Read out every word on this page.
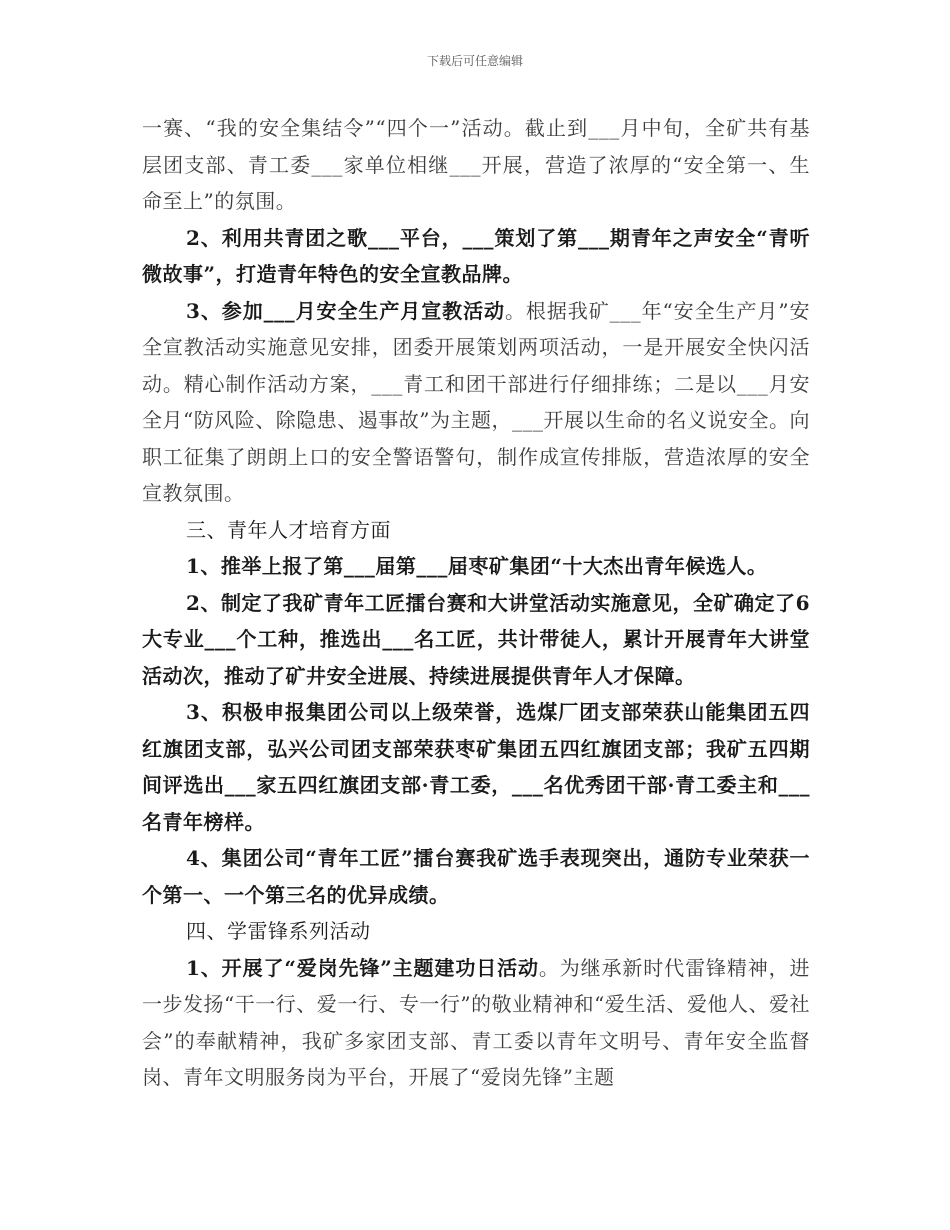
下载后可任意编辑

一赛、“我的安全集结令”“四个一”活动。截止到___月中旬，全矿共有基层团支部、青工委___家单位相继___开展，营造了浓厚的“安全第一、生命至上”的氛围。

2、利用共青团之歌___平台，___策划了第___期青年之声安全“青听微故事”，打造青年特色的安全宣教品牌。

3、参加___月安全生产月宣教活动。根据我矿___年“安全生产月”安全宣教活动实施意见安排，团委开展策划两项活动，一是开展安全快闪活动。精心制作活动方案，___青工和团干部进行仔细排练；二是以___月安全月“防风险、除隐患、遏事故”为主题，___开展以生命的名义说安全。向职工征集了朗朗上口的安全警语警句，制作成宣传排版，营造浓厚的安全宣教氛围。

三、青年人才培育方面

1、推举上报了第___届第___届枣矿集团“十大杰出青年候选人。

2、制定了我矿青年工匠擂台赛和大讲堂活动实施意见，全矿确定了6大专业___个工种，推选出___名工匠，共计带徒人，累计开展青年大讲堂活动次，推动了矿井安全进展、持续进展提供青年人才保障。

3、积极申报集团公司以上级荣誉，选煤厂团支部荣获山能集团五四红旗团支部，弘兴公司团支部荣获枣矿集团五四红旗团支部；我矿五四期间评选出___家五四红旗团支部·青工委，___名优秀团干部·青工委主和___名青年榜样。

4、集团公司“青年工匠”擂台赛我矿选手表现突出，通防专业荣获一个第一、一个第三名的优异成绩。

四、学雷锋系列活动

1、开展了“爱岗先锋”主题建功日活动。为继承新时代雷锋精神，进一步发扬“干一行、爱一行、专一行”的敬业精神和“爱生活、爱他人、爱社会”的奉献精神，我矿多家团支部、青工委以青年文明号、青年安全监督岗、青年文明服务岗为平台，开展了“爱岗先锋”主题
